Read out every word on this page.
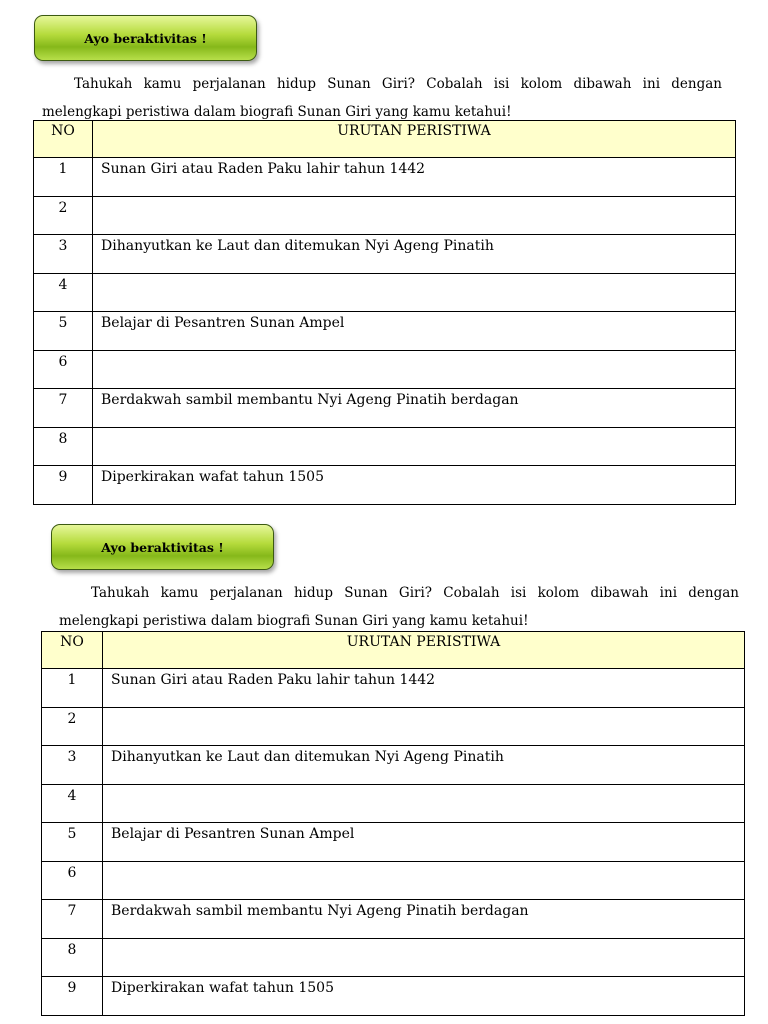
Ayo beraktivitas !

Tahukah kamu perjalanan hidup Sunan Giri? Cobalah isi kolom dibawah ini dengan

melengkapi peristiwa dalam biografi Sunan Giri yang kamu ketahui!

NO	URUTAN PERISTIWA

1	Sunan Giri atau Raden Paku lahir tahun 1442

2	

3	Dihanyutkan ke Laut dan ditemukan Nyi Ageng Pinatih

4	

5	Belajar di Pesantren Sunan Ampel

6	

7	Berdakwah sambil membantu Nyi Ageng Pinatih berdagan

8	

9	Diperkirakan wafat tahun 1505
Ayo beraktivitas !

Tahukah kamu perjalanan hidup Sunan Giri? Cobalah isi kolom dibawah ini dengan

melengkapi peristiwa dalam biografi Sunan Giri yang kamu ketahui!

NO	URUTAN PERISTIWA

1	Sunan Giri atau Raden Paku lahir tahun 1442

2	

3	Dihanyutkan ke Laut dan ditemukan Nyi Ageng Pinatih

4	

5	Belajar di Pesantren Sunan Ampel

6	

7	Berdakwah sambil membantu Nyi Ageng Pinatih berdagan

8	

9	Diperkirakan wafat tahun 1505
